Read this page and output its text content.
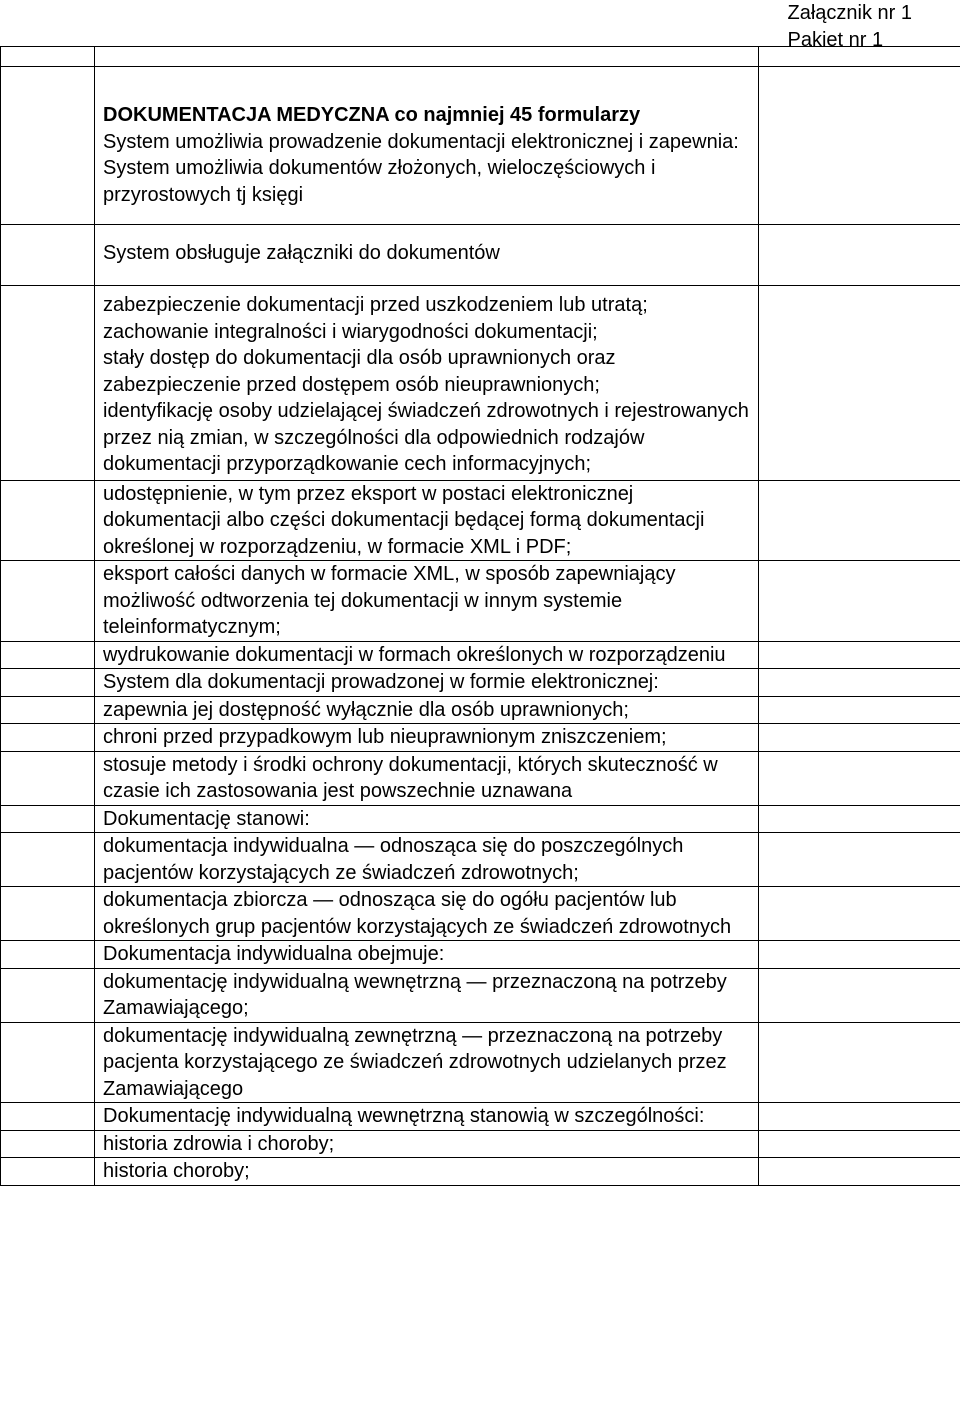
Załącznik nr 1
Pakiet nr 1

	DOKUMENTACJA MEDYCZNA co najmniej 45 formularzy
System umożliwia prowadzenie dokumentacji elektronicznej i zapewnia:
System umożliwia dokumentów złożonych, wieloczęściowych i przyrostowych tj księgi	

	System obsługuje załączniki do dokumentów	

	zabezpieczenie dokumentacji przed uszkodzeniem lub utratą;
zachowanie integralności i wiarygodności dokumentacji;
stały dostęp do dokumentacji dla osób uprawnionych oraz zabezpieczenie przed dostępem osób nieuprawnionych;
identyfikację osoby udzielającej świadczeń zdrowotnych i rejestrowanych przez nią zmian, w szczególności dla odpowiednich rodzajów dokumentacji przyporządkowanie cech informacyjnych;	

	udostępnienie, w tym przez eksport w postaci elektronicznej dokumentacji albo części dokumentacji będącej formą dokumentacji określonej w rozporządzeniu, w formacie XML i PDF;	

	eksport całości danych w formacie XML, w sposób zapewniający możliwość odtworzenia tej dokumentacji w innym systemie teleinformatycznym;	

	wydrukowanie dokumentacji w formach określonych w rozporządzeniu	

	System dla dokumentacji prowadzonej w formie elektronicznej:	

	zapewnia jej dostępność wyłącznie dla osób uprawnionych;	

	chroni przed przypadkowym lub nieuprawnionym zniszczeniem;	

	stosuje metody i środki ochrony dokumentacji, których skuteczność w czasie ich zastosowania jest powszechnie uznawana	

	Dokumentację stanowi:	

	dokumentacja indywidualna — odnosząca się do poszczególnych pacjentów korzystających ze świadczeń zdrowotnych;	

	dokumentacja zbiorcza — odnosząca się do ogółu pacjentów lub określonych grup pacjentów korzystających ze świadczeń zdrowotnych	

	Dokumentacja indywidualna obejmuje:	

	dokumentację indywidualną wewnętrzną — przeznaczoną na potrzeby Zamawiającego;	

	dokumentację indywidualną zewnętrzną — przeznaczoną na potrzeby pacjenta korzystającego ze świadczeń zdrowotnych udzielanych przez Zamawiającego	

	Dokumentację indywidualną wewnętrzną stanowią w szczególności:	

	historia zdrowia i choroby;	

	historia choroby;	
